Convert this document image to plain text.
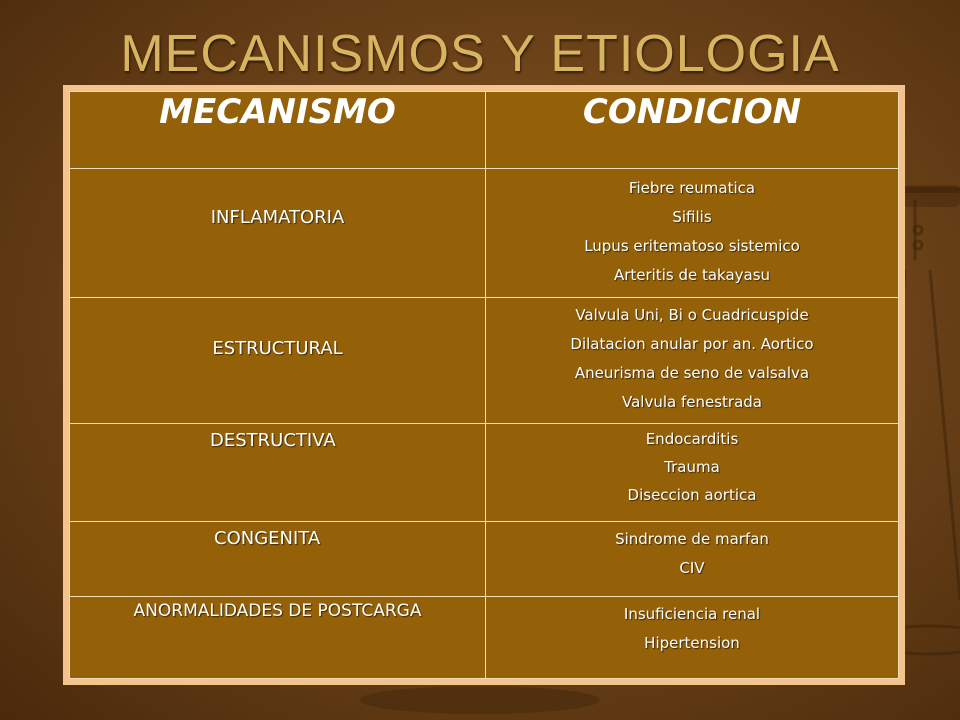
MECANISMOS Y ETIOLOGIA
MECANISMO	CONDICION
INFLAMATORIA	Fiebre reumatica
Sifilis
Lupus eritematoso sistemico
Arteritis de takayasu

ESTRUCTURAL	Valvula Uni, Bi o Cuadricuspide
Dilatacion anular por an. Aortico
Aneurisma de seno de valsalva
Valvula fenestrada

DESTRUCTIVA	Endocarditis
Trauma
Diseccion aortica

CONGENITA	Sindrome de marfan
CIV

ANORMALIDADES DE POSTCARGA	Insuficiencia renal
Hipertension
